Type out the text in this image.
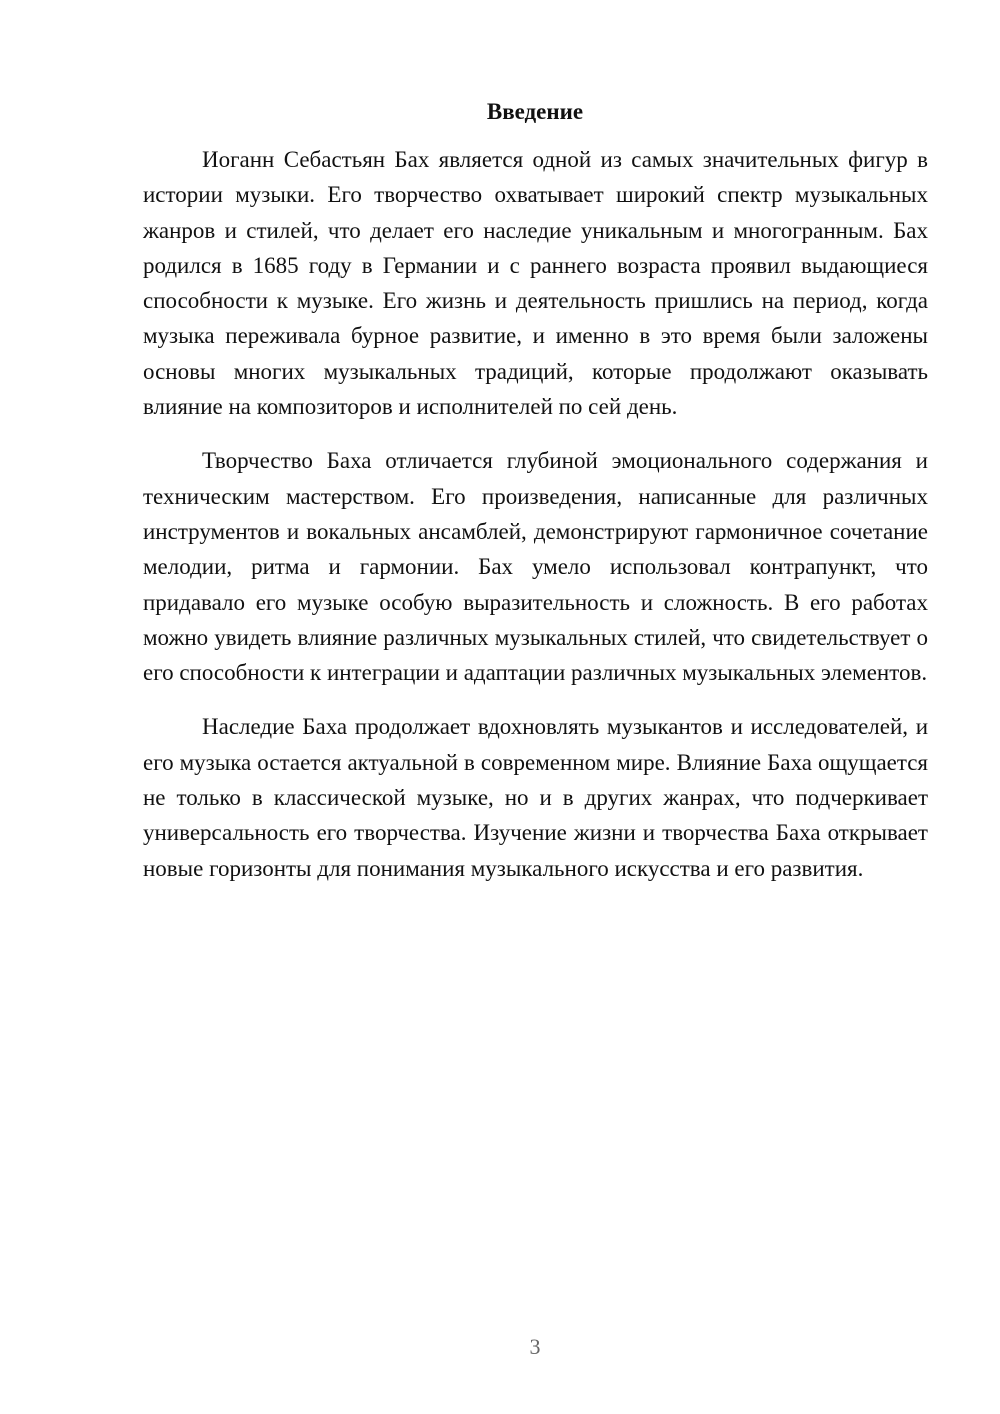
Введение

Иоганн Себастьян Бах является одной из самых значительных фигур в истории музыки. Его творчество охватывает широкий спектр музыкальных жанров и стилей, что делает его наследие уникальным и многогранным. Бах родился в 1685 году в Германии и с раннего возраста проявил выдающиеся способности к музыке. Его жизнь и деятельность пришлись на период, когда музыка переживала бурное развитие, и именно в это время были заложены основы многих музыкальных традиций, которые продолжают оказывать влияние на композиторов и исполнителей по сей день.

Творчество Баха отличается глубиной эмоционального содержания и техническим мастерством. Его произведения, написанные для различных инструментов и вокальных ансамблей, демонстрируют гармоничное сочетание мелодии, ритма и гармонии. Бах умело использовал контрапункт, что придавало его музыке особую выразительность и сложность. В его работах можно увидеть влияние различных музыкальных стилей, что свидетельствует о его способности к интеграции и адаптации различных музыкальных элементов.

Наследие Баха продолжает вдохновлять музыкантов и исследователей, и его музыка остается актуальной в современном мире. Влияние Баха ощущается не только в классической музыке, но и в других жанрах, что подчеркивает универсальность его творчества. Изучение жизни и творчества Баха открывает новые горизонты для понимания музыкального искусства и его развития.

3
